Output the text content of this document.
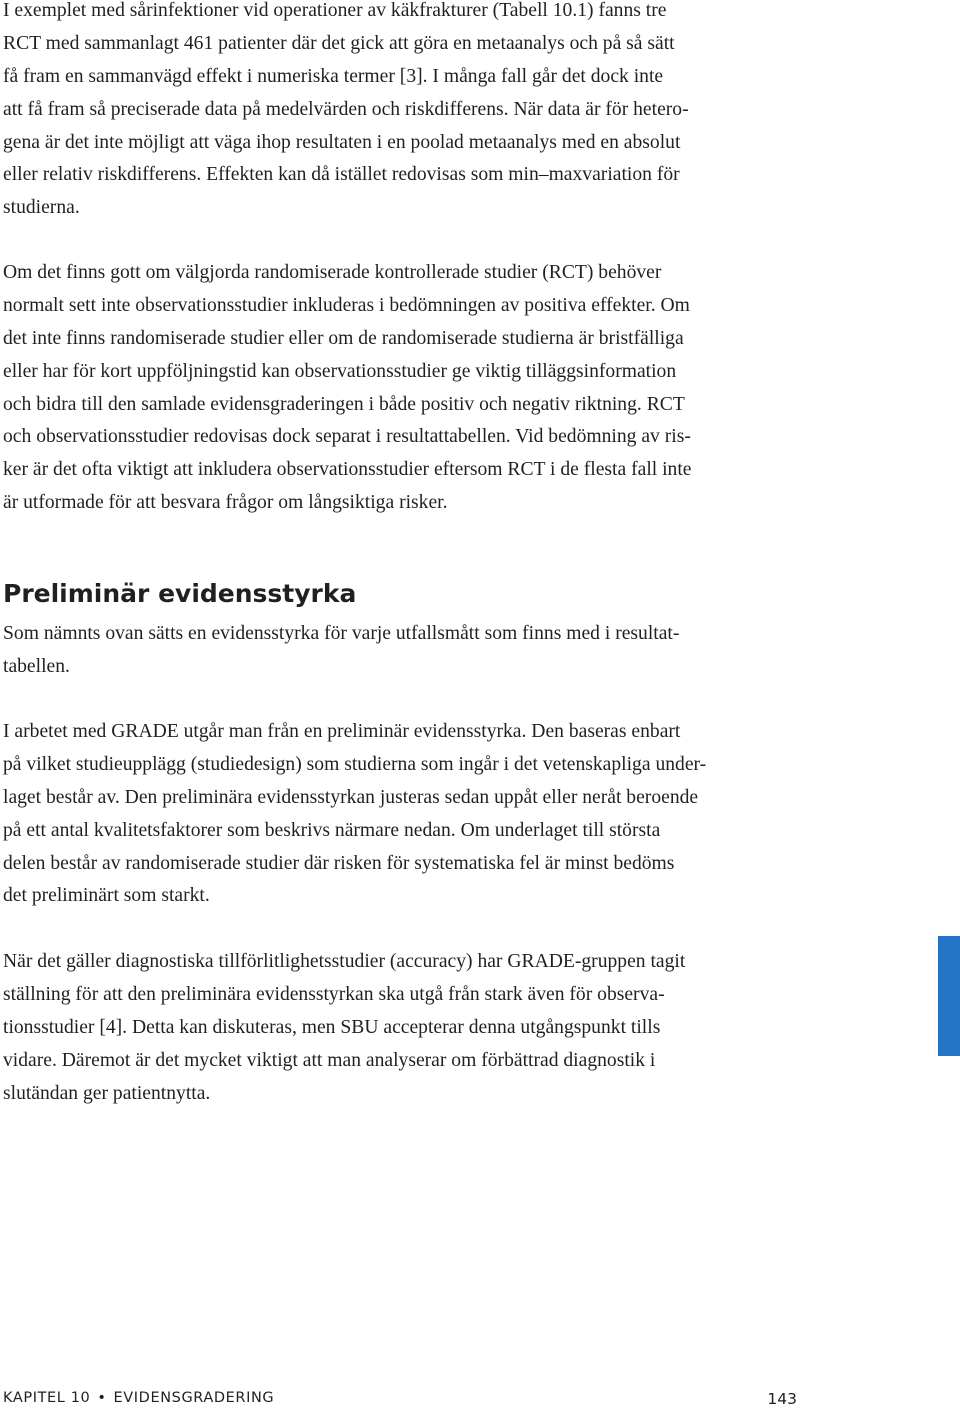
I exemplet med sårinfektioner vid operationer av käkfrakturer (Tabell 10.1) fanns tre
RCT med sammanlagt 461 patienter där det gick att göra en metaanalys och på så sätt
få fram en sammanvägd effekt i numeriska termer [3]. I många fall går det dock inte
att få fram så preciserade data på medelvärden och riskdifferens. När data är för hetero-
gena är det inte möjligt att väga ihop resultaten i en poolad metaanalys med en absolut
eller relativ riskdifferens. Effekten kan då istället redovisas som min–maxvariation för
studierna.

Om det finns gott om välgjorda randomiserade kontrollerade studier (RCT) behöver
normalt sett inte observationsstudier inkluderas i bedömningen av positiva effekter. Om
det inte finns randomiserade studier eller om de randomiserade studierna är bristfälliga
eller har för kort uppföljningstid kan observationsstudier ge viktig tilläggsinformation
och bidra till den samlade evidensgraderingen i både positiv och negativ riktning. RCT
och observationsstudier redovisas dock separat i resultattabellen. Vid bedömning av ris-
ker är det ofta viktigt att inkludera observationsstudier eftersom RCT i de flesta fall inte
är utformade för att besvara frågor om långsiktiga risker.

Preliminär evidensstyrka

Som nämnts ovan sätts en evidensstyrka för varje utfallsmått som finns med i resultat-
tabellen.

I arbetet med GRADE utgår man från en preliminär evidensstyrka. Den baseras enbart
på vilket studieupplägg (studiedesign) som studierna som ingår i det vetenskapliga under-
laget består av. Den preliminära evidensstyrkan justeras sedan uppåt eller neråt beroende
på ett antal kvalitetsfaktorer som beskrivs närmare nedan. Om underlaget till största
delen består av randomiserade studier där risken för systematiska fel är minst bedöms
det preliminärt som starkt.

När det gäller diagnostiska tillförlitlighetsstudier (accuracy) har GRADE-gruppen tagit
ställning för att den preliminära evidensstyrkan ska utgå från stark även för observa-
tionsstudier [4]. Detta kan diskuteras, men SBU accepterar denna utgångspunkt tills
vidare. Däremot är det mycket viktigt att man analyserar om förbättrad diagnostik i
slutändan ger patientnytta.

KAPITEL 10 • EVIDENSGRADERING	143
